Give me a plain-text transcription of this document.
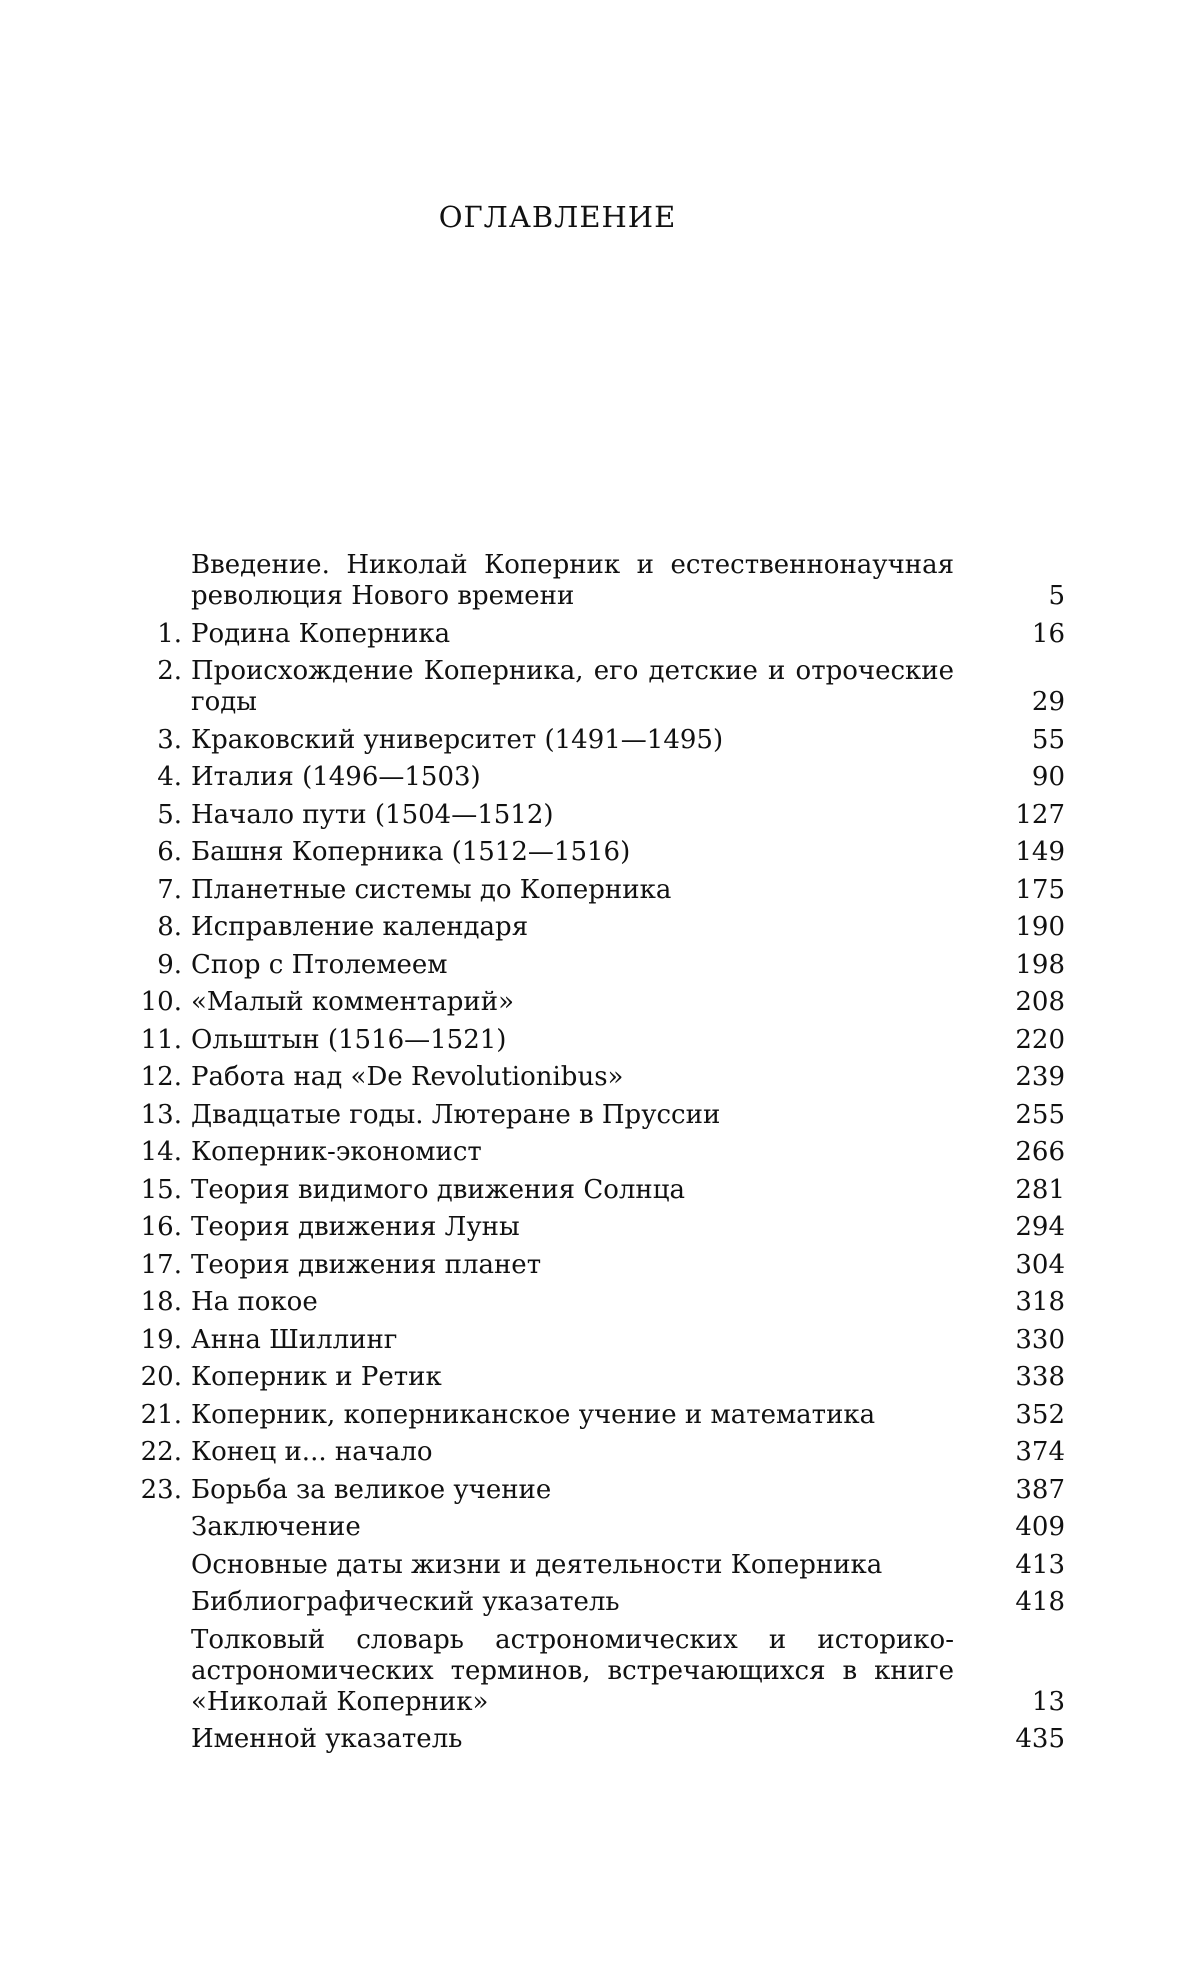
ОГЛАВЛЕНИЕ
Введение. Николай Коперник и естественнонаучная революция Нового времени	5
1. Родина Коперника	16
2. Происхождение Коперника, его детские и отроческие годы	29
3. Краковский университет (1491—1495)	55
4. Италия (1496—1503)	90
5. Начало пути (1504—1512)	127
6. Башня Коперника (1512—1516)	149
7. Планетные системы до Коперника	175
8. Исправление календаря	190
9. Спор с Птолемеем	198
10. «Малый комментарий»	208
11. Ольштын (1516—1521)	220
12. Работа над «De Revolutionibus»	239
13. Двадцатые годы. Лютеране в Пруссии	255
14. Коперник-экономист	266
15. Теория видимого движения Солнца	281
16. Теория движения Луны	294
17. Теория движения планет	304
18. На покое	318
19. Анна Шиллинг	330
20. Коперник и Ретик	338
21. Коперник, коперниканское учение и математика	352
22. Конец и... начало	374
23. Борьба за великое учение	387
Заключение	409
Основные даты жизни и деятельности Коперника	413
Библиографический указатель	418
Толковый словарь астрономических и историко-астрономических терминов, встречающихся в книге «Николай Коперник»	13
Именной указатель	435
